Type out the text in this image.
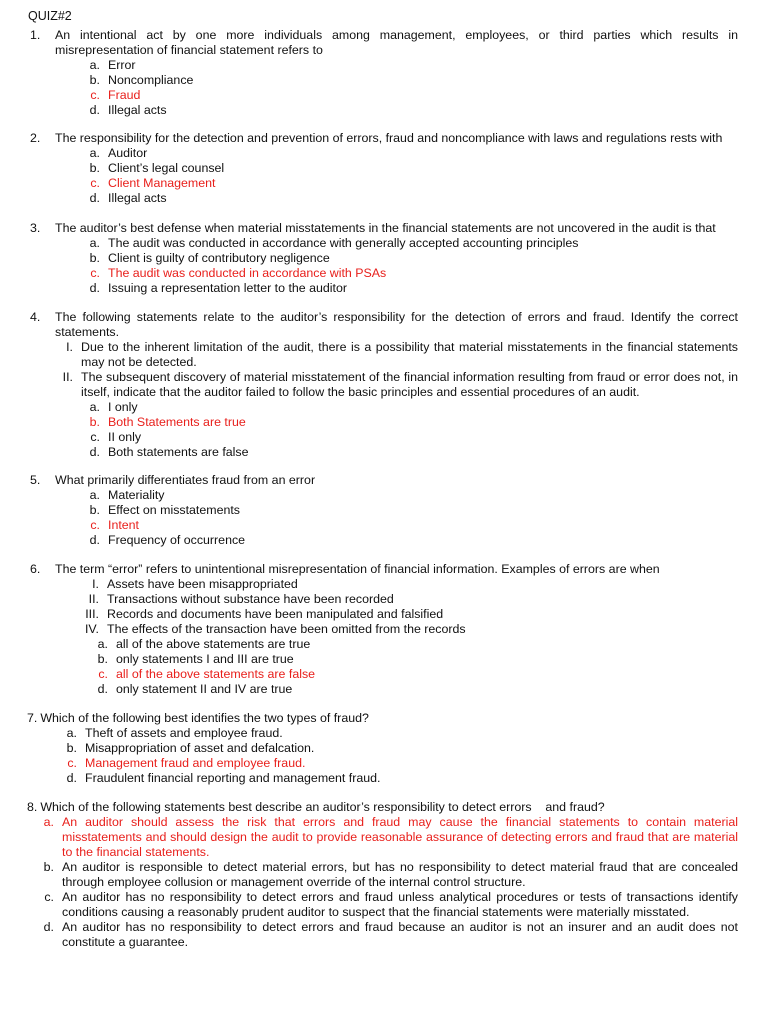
QUIZ#2
1.	An intentional act by one more individuals among management, employees, or third parties which results in misrepresentation of financial statement refers to
a. Error
b. Noncompliance
c. Fraud
d. Illegal acts
2.	The responsibility for the detection and prevention of errors, fraud and noncompliance with laws and regulations rests with
a. Auditor
b. Client’s legal counsel
c. Client Management
d. Illegal acts
3.	The auditor’s best defense when material misstatements in the financial statements are not uncovered in the audit is that
a. The audit was conducted in accordance with generally accepted accounting principles
b. Client is guilty of contributory negligence
c. The audit was conducted in accordance with PSAs
d. Issuing a representation letter to the auditor
4.	The following statements relate to the auditor’s responsibility for the detection of errors and fraud. Identify the correct statements.
I. Due to the inherent limitation of the audit, there is a possibility that material misstatements in the financial statements may not be detected.
II. The subsequent discovery of material misstatement of the financial information resulting from fraud or error does not, in itself, indicate that the auditor failed to follow the basic principles and essential procedures of an audit.
a. I only
b. Both Statements are true
c. II only
d. Both statements are false
5.	What primarily differentiates fraud from an error
a. Materiality
b. Effect on misstatements
c. Intent
d. Frequency of occurrence
6.	The term “error” refers to unintentional misrepresentation of financial information. Examples of errors are when
I. Assets have been misappropriated
II. Transactions without substance have been recorded
III. Records and documents have been manipulated and falsified
IV. The effects of the transaction have been omitted from the records
a. all of the above statements are true
b. only statements I and III are true
c. all of the above statements are false
d. only statement II and IV are true
7. Which of the following best identifies the two types of fraud?
a. Theft of assets and employee fraud.
b. Misappropriation of asset and defalcation.
c. Management fraud and employee fraud.
d. Fraudulent financial reporting and management fraud.
8. Which of the following statements best describe an auditor’s responsibility to detect errors    and fraud?
a. An auditor should assess the risk that errors and fraud may cause the financial statements to contain material misstatements and should design the audit to provide reasonable assurance of detecting errors and fraud that are material to the financial statements.
b. An auditor is responsible to detect material errors, but has no responsibility to detect material fraud that are concealed through employee collusion or management override of the internal control structure.
c. An auditor has no responsibility to detect errors and fraud unless analytical procedures or tests of transactions identify conditions causing a reasonably prudent auditor to suspect that the financial statements were materially misstated.
d. An auditor has no responsibility to detect errors and fraud because an auditor is not an insurer and an audit does not constitute a guarantee.
